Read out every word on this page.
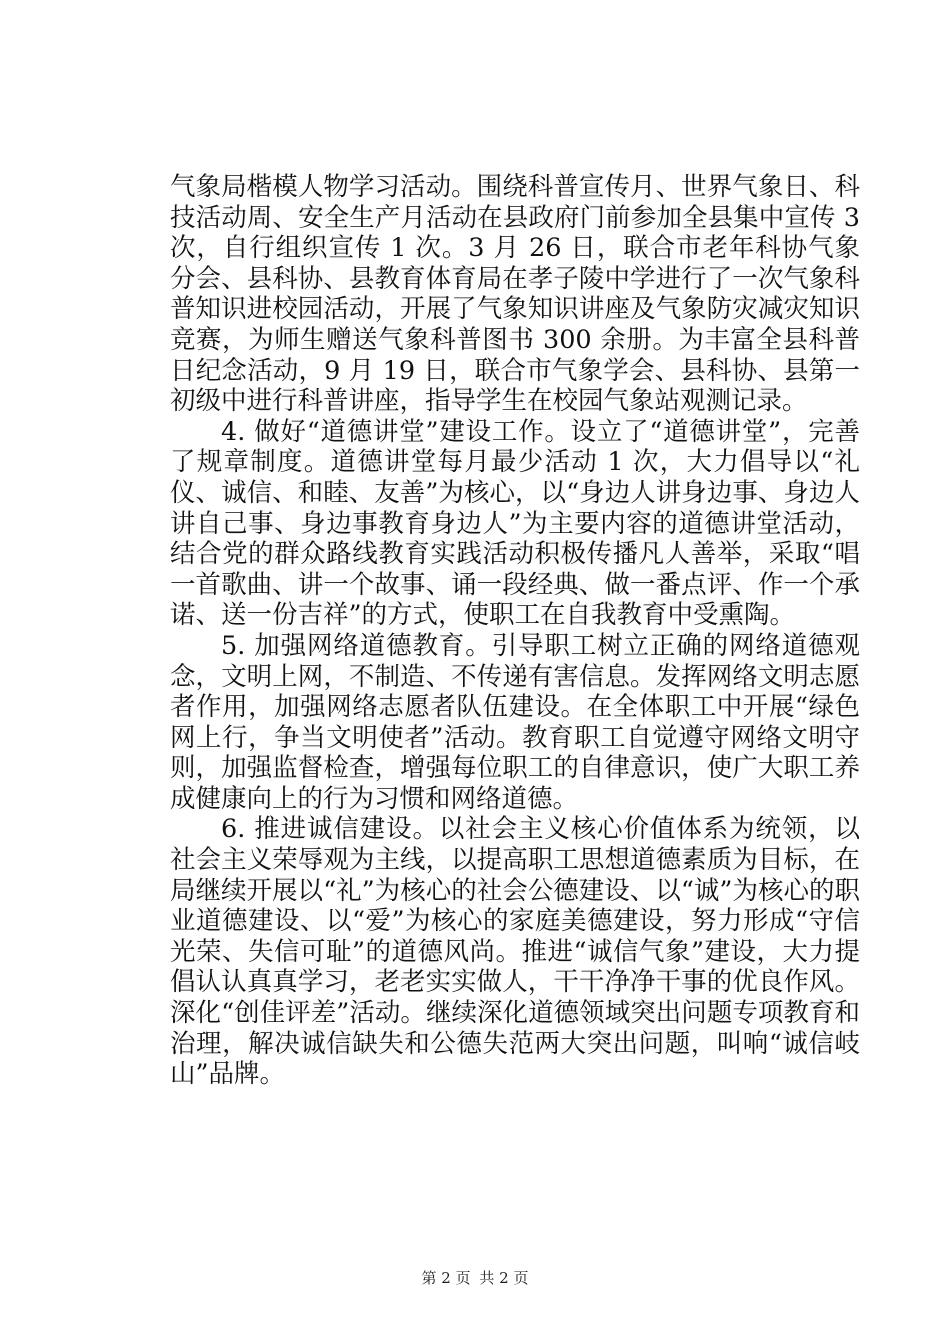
气象局楷模人物学习活动。围绕科普宣传月、世界气象日、科技活动周、安全生产月活动在县政府门前参加全县集中宣传 3 次，自行组织宣传 1 次。3 月 26 日，联合市老年科协气象分会、县科协、县教育体育局在孝子陵中学进行了一次气象科普知识进校园活动，开展了气象知识讲座及气象防灾减灾知识竞赛，为师生赠送气象科普图书 300 余册。为丰富全县科普日纪念活动，9 月 19 日，联合市气象学会、县科协、县第一初级中进行科普讲座，指导学生在校园气象站观测记录。

4. 做好“道德讲堂”建设工作。设立了“道德讲堂”，完善了规章制度。道德讲堂每月最少活动 1 次，大力倡导以“礼仪、诚信、和睦、友善”为核心，以“身边人讲身边事、身边人讲自己事、身边事教育身边人”为主要内容的道德讲堂活动，结合党的群众路线教育实践活动积极传播凡人善举，采取“唱一首歌曲、讲一个故事、诵一段经典、做一番点评、作一个承诺、送一份吉祥”的方式，使职工在自我教育中受熏陶。

5. 加强网络道德教育。引导职工树立正确的网络道德观念，文明上网，不制造、不传递有害信息。发挥网络文明志愿者作用，加强网络志愿者队伍建设。在全体职工中开展“绿色网上行，争当文明使者”活动。教育职工自觉遵守网络文明守则，加强监督检查，增强每位职工的自律意识，使广大职工养成健康向上的行为习惯和网络道德。

6. 推进诚信建设。以社会主义核心价值体系为统领，以社会主义荣辱观为主线，以提高职工思想道德素质为目标，在局继续开展以“礼”为核心的社会公德建设、以“诚”为核心的职业道德建设、以“爱”为核心的家庭美德建设，努力形成“守信光荣、失信可耻”的道德风尚。推进“诚信气象”建设，大力提倡认认真真学习，老老实实做人，干干净净干事的优良作风。深化“创佳评差”活动。继续深化道德领域突出问题专项教育和治理，解决诚信缺失和公德失范两大突出问题，叫响“诚信岐山”品牌。

第 2 页 共 2 页
